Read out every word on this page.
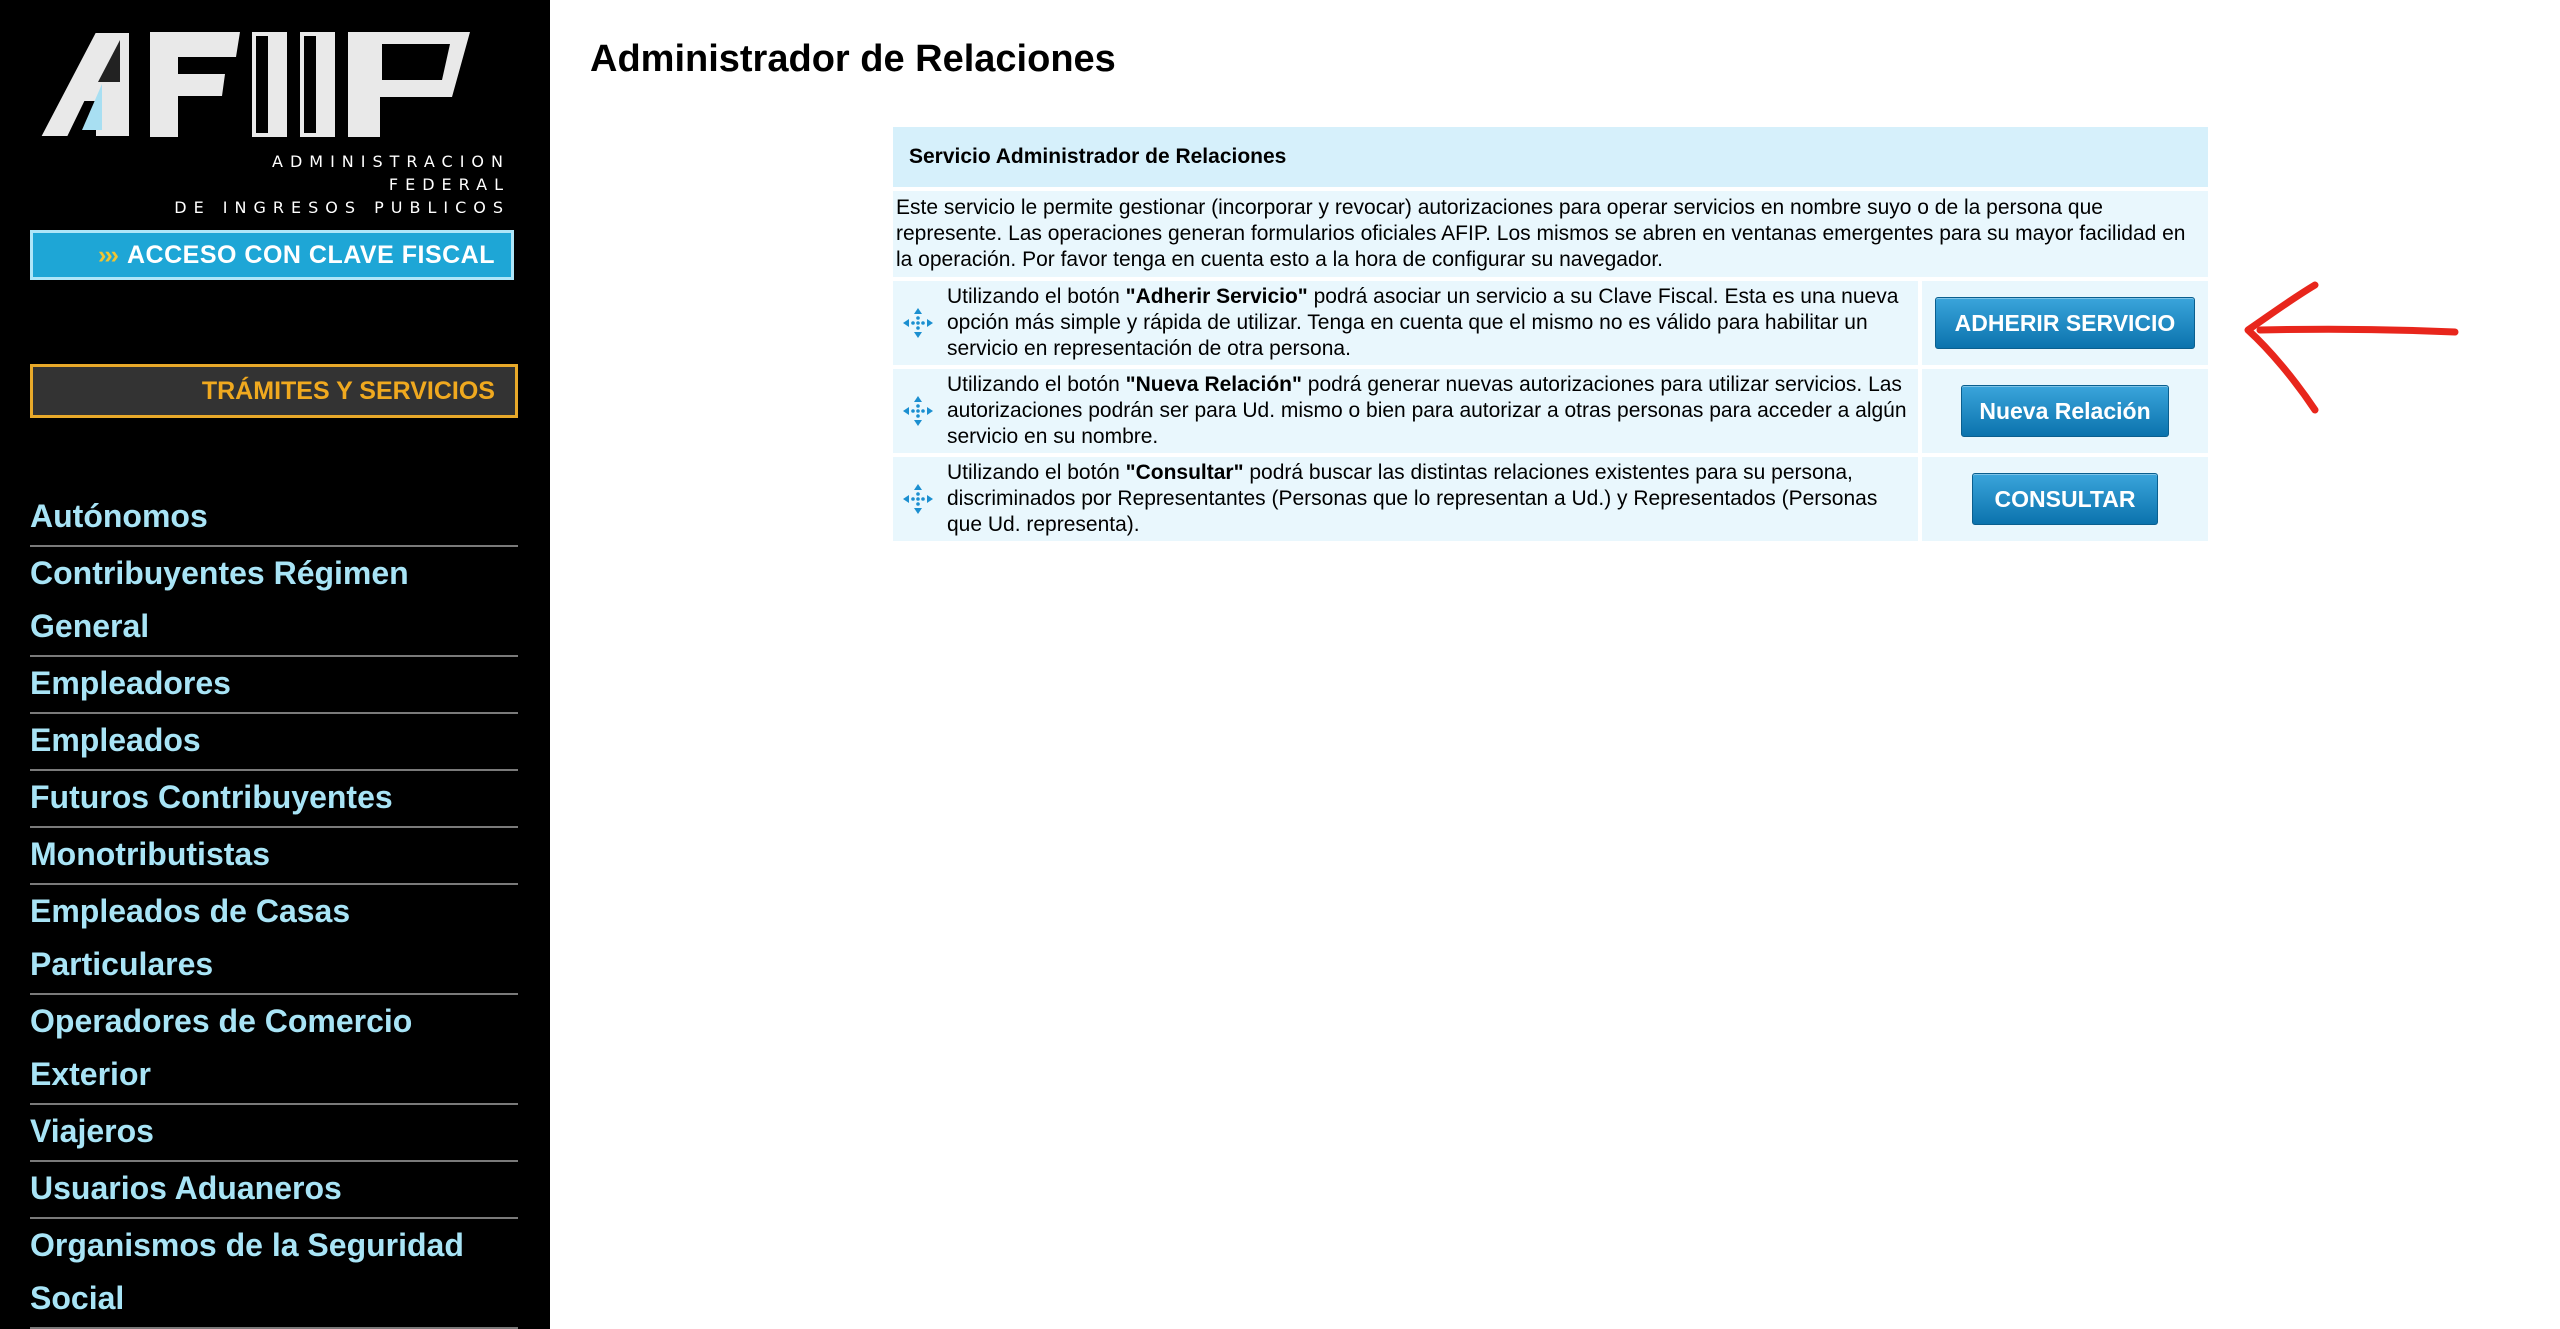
ADMINISTRACION FEDERAL
DE INGRESOS PUBLICOS
››› ACCESO CON CLAVE FISCAL
TRÁMITES Y SERVICIOS
Autónomos
Contribuyentes Régimen General
Empleadores
Empleados
Futuros Contribuyentes
Monotributistas
Empleados de Casas Particulares
Operadores de Comercio Exterior
Viajeros
Usuarios Aduaneros
Organismos de la Seguridad Social
Administrador de Relaciones
Servicio Administrador de Relaciones
Este servicio le permite gestionar (incorporar y revocar) autorizaciones para operar servicios en nombre suyo o de la persona que represente. Las operaciones generan formularios oficiales AFIP. Los mismos se abren en ventanas emergentes para su mayor facilidad en la operación. Por favor tenga en cuenta esto a la hora de configurar su navegador.
Utilizando el botón "Adherir Servicio" podrá asociar un servicio a su Clave Fiscal. Esta es una nueva opción más simple y rápida de utilizar. Tenga en cuenta que el mismo no es válido para habilitar un servicio en representación de otra persona.
ADHERIR SERVICIO
Utilizando el botón "Nueva Relación" podrá generar nuevas autorizaciones para utilizar servicios. Las autorizaciones podrán ser para Ud. mismo o bien para autorizar a otras personas para acceder a algún servicio en su nombre.
Nueva Relación
Utilizando el botón "Consultar" podrá buscar las distintas relaciones existentes para su persona, discriminados por Representantes (Personas que lo representan a Ud.) y Representados (Personas que Ud. representa).
CONSULTAR
